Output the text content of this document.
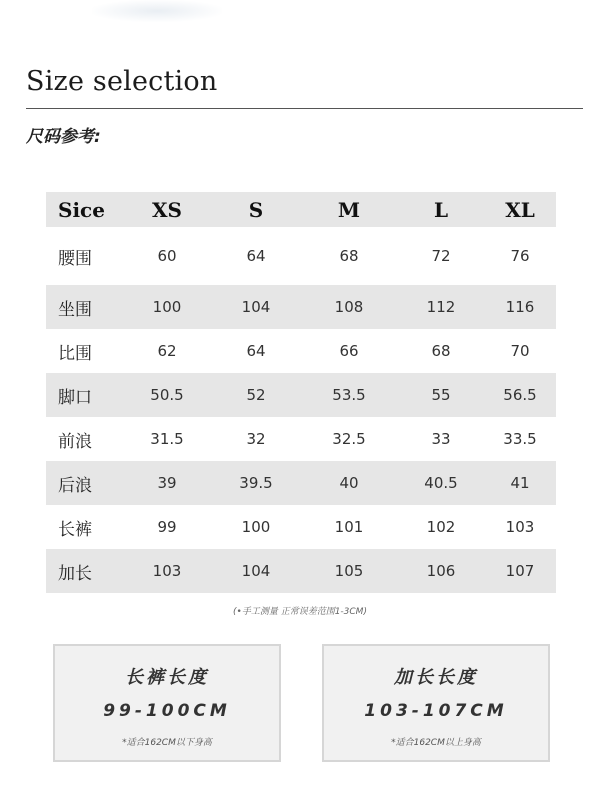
Size selection
尺码参考:
Sice	XS	S	M	L	XL
腰围	60	64	68	72	76
坐围	100	104	108	112	116
比围	62	64	66	68	70
脚口	50.5	52	53.5	55	56.5
前浪	31.5	32	32.5	33	33.5
后浪	39	39.5	40	40.5	41
长裤	99	100	101	102	103
加长	103	104	105	106	107
(•手工测量 正常误差范围1-3CM)
长裤长度
99-100CM
*适合162CM以下身高
加长长度
103-107CM
*适合162CM以上身高
